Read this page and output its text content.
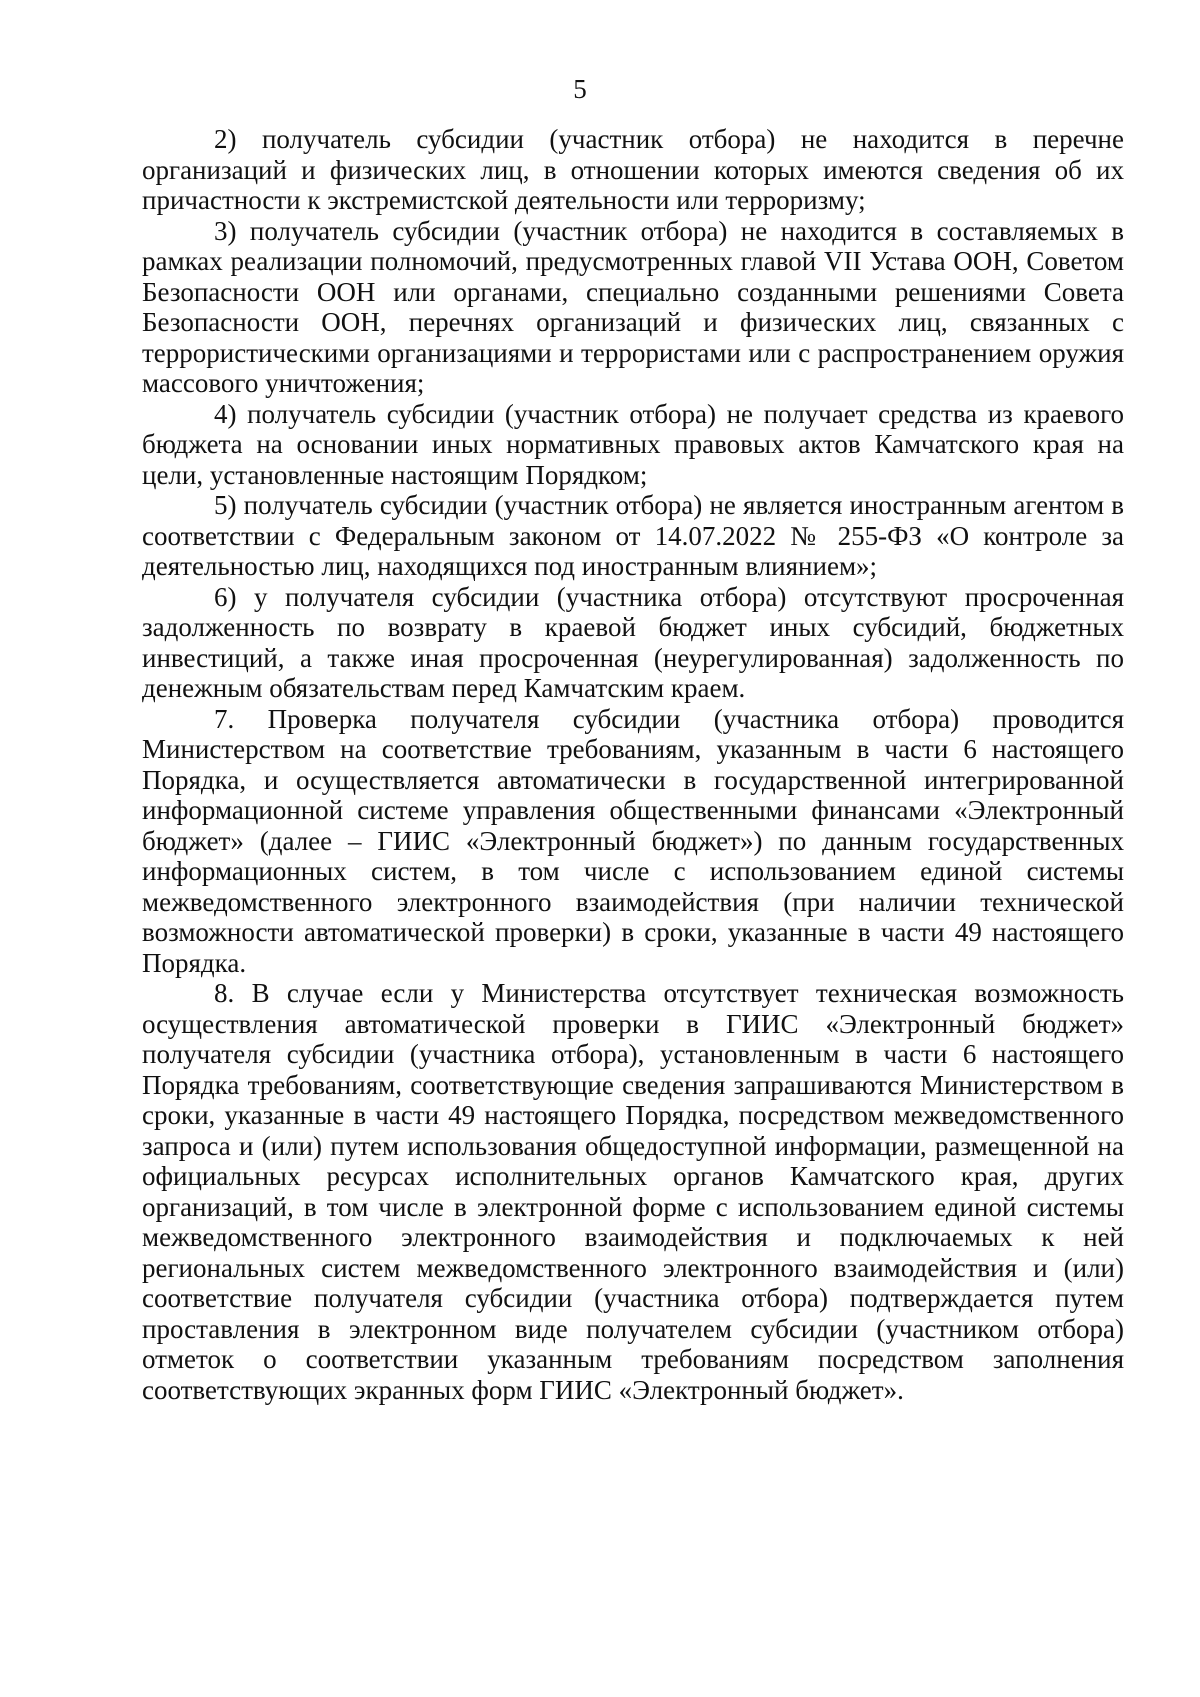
5

2) получатель субсидии (участник отбора) не находится в перечне организаций и физических лиц, в отношении которых имеются сведения об их причастности к экстремистской деятельности или терроризму;

3) получатель субсидии (участник отбора) не находится в составляемых в рамках реализации полномочий, предусмотренных главой VII Устава ООН, Советом Безопасности ООН или органами, специально созданными решениями Совета Безопасности ООН, перечнях организаций и физических лиц, связанных с террористическими организациями и террористами или с распространением оружия массового уничтожения;

4) получатель субсидии (участник отбора) не получает средства из краевого бюджета на основании иных нормативных правовых актов Камчатского края на цели, установленные настоящим Порядком;

5) получатель субсидии (участник отбора) не является иностранным агентом в соответствии с Федеральным законом от 14.07.2022 № 255-ФЗ «О контроле за деятельностью лиц, находящихся под иностранным влиянием»;

6) у получателя субсидии (участника отбора) отсутствуют просроченная задолженность по возврату в краевой бюджет иных субсидий, бюджетных инвестиций, а также иная просроченная (неурегулированная) задолженность по денежным обязательствам перед Камчатским краем.

7. Проверка получателя субсидии (участника отбора) проводится Министерством на соответствие требованиям, указанным в части 6 настоящего Порядка, и осуществляется автоматически в государственной интегрированной информационной системе управления общественными финансами «Электронный бюджет» (далее – ГИИС «Электронный бюджет») по данным государственных информационных систем, в том числе с использованием единой системы межведомственного электронного взаимодействия (при наличии технической возможности автоматической проверки) в сроки, указанные в части 49 настоящего Порядка.

8. В случае если у Министерства отсутствует техническая возможность осуществления автоматической проверки в ГИИС «Электронный бюджет» получателя субсидии (участника отбора), установленным в части 6 настоящего Порядка требованиям, соответствующие сведения запрашиваются Министерством в сроки, указанные в части 49 настоящего Порядка, посредством межведомственного запроса и (или) путем использования общедоступной информации, размещенной на официальных ресурсах исполнительных органов Камчатского края, других организаций, в том числе в электронной форме с использованием единой системы межведомственного электронного взаимодействия и подключаемых к ней региональных систем межведомственного электронного взаимодействия и (или) соответствие получателя субсидии (участника отбора) подтверждается путем проставления в электронном виде получателем субсидии (участником отбора) отметок о соответствии указанным требованиям посредством заполнения соответствующих экранных форм ГИИС «Электронный бюджет».
